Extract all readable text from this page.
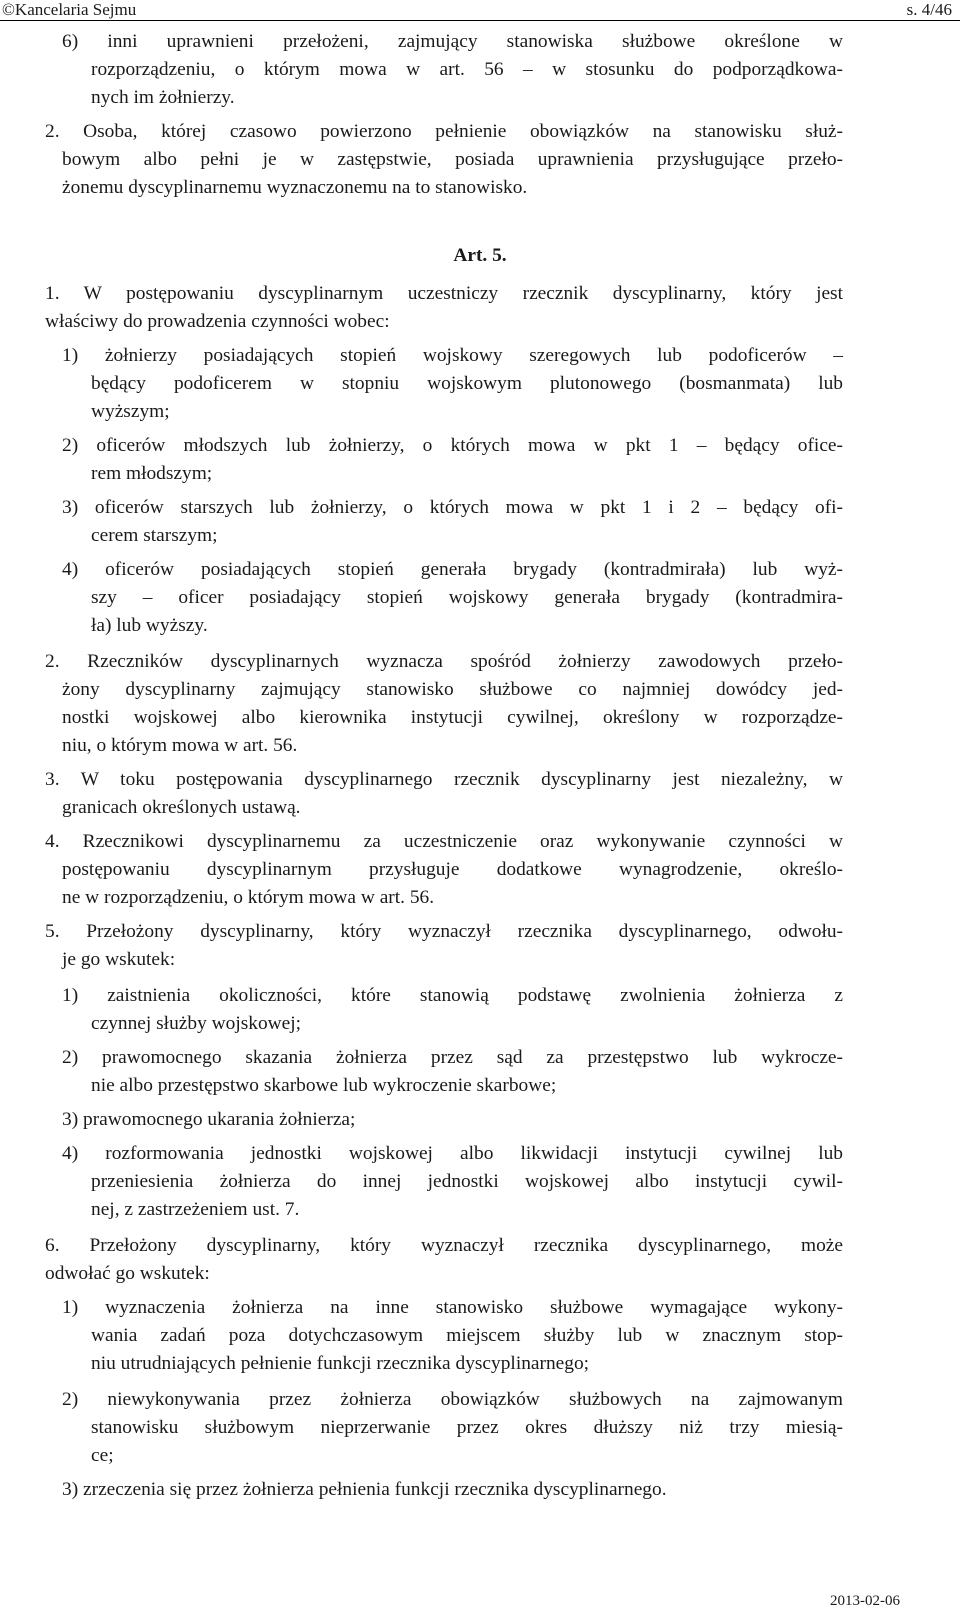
©Kancelaria Sejmu	s. 4/46
6) inni uprawnieni przełożeni, zajmujący stanowiska służbowe określone w
rozporządzeniu, o którym mowa w art. 56 – w stosunku do podporządkowa-
nych im żołnierzy.
2. Osoba, której czasowo powierzono pełnienie obowiązków na stanowisku służ-
bowym albo pełni je w zastępstwie, posiada uprawnienia przysługujące przeło-
żonemu dyscyplinarnemu wyznaczonemu na to stanowisko.
Art. 5.
1. W postępowaniu dyscyplinarnym uczestniczy rzecznik dyscyplinarny, który jest
właściwy do prowadzenia czynności wobec:
1) żołnierzy posiadających stopień wojskowy szeregowych lub podoficerów –
będący podoficerem w stopniu wojskowym plutonowego (bosmanmata) lub
wyższym;
2) oficerów młodszych lub żołnierzy, o których mowa w pkt 1 – będący ofice-
rem młodszym;
3) oficerów starszych lub żołnierzy, o których mowa w pkt 1 i 2 – będący ofi-
cerem starszym;
4) oficerów posiadających stopień generała brygady (kontradmirała) lub wyż-
szy – oficer posiadający stopień wojskowy generała brygady (kontradmira-
ła) lub wyższy.
2. Rzeczników dyscyplinarnych wyznacza spośród żołnierzy zawodowych przeło-
żony dyscyplinarny zajmujący stanowisko służbowe co najmniej dowódcy jed-
nostki wojskowej albo kierownika instytucji cywilnej, określony w rozporządze-
niu, o którym mowa w art. 56.
3. W toku postępowania dyscyplinarnego rzecznik dyscyplinarny jest niezależny, w
granicach określonych ustawą.
4. Rzecznikowi dyscyplinarnemu za uczestniczenie oraz wykonywanie czynności w
postępowaniu dyscyplinarnym przysługuje dodatkowe wynagrodzenie, określo-
ne w rozporządzeniu, o którym mowa w art. 56.
5. Przełożony dyscyplinarny, który wyznaczył rzecznika dyscyplinarnego, odwołu-
je go wskutek:
1) zaistnienia okoliczności, które stanowią podstawę zwolnienia żołnierza z
czynnej służby wojskowej;
2) prawomocnego skazania żołnierza przez sąd za przestępstwo lub wykrocze-
nie albo przestępstwo skarbowe lub wykroczenie skarbowe;
3) prawomocnego ukarania żołnierza;
4) rozformowania jednostki wojskowej albo likwidacji instytucji cywilnej lub
przeniesienia żołnierza do innej jednostki wojskowej albo instytucji cywil-
nej, z zastrzeżeniem ust. 7.
6. Przełożony dyscyplinarny, który wyznaczył rzecznika dyscyplinarnego, może
odwołać go wskutek:
1) wyznaczenia żołnierza na inne stanowisko służbowe wymagające wykony-
wania zadań poza dotychczasowym miejscem służby lub w znacznym stop-
niu utrudniających pełnienie funkcji rzecznika dyscyplinarnego;
2) niewykonywania przez żołnierza obowiązków służbowych na zajmowanym
stanowisku służbowym nieprzerwanie przez okres dłuższy niż trzy miesią-
ce;
3) zrzeczenia się przez żołnierza pełnienia funkcji rzecznika dyscyplinarnego.
2013-02-06
